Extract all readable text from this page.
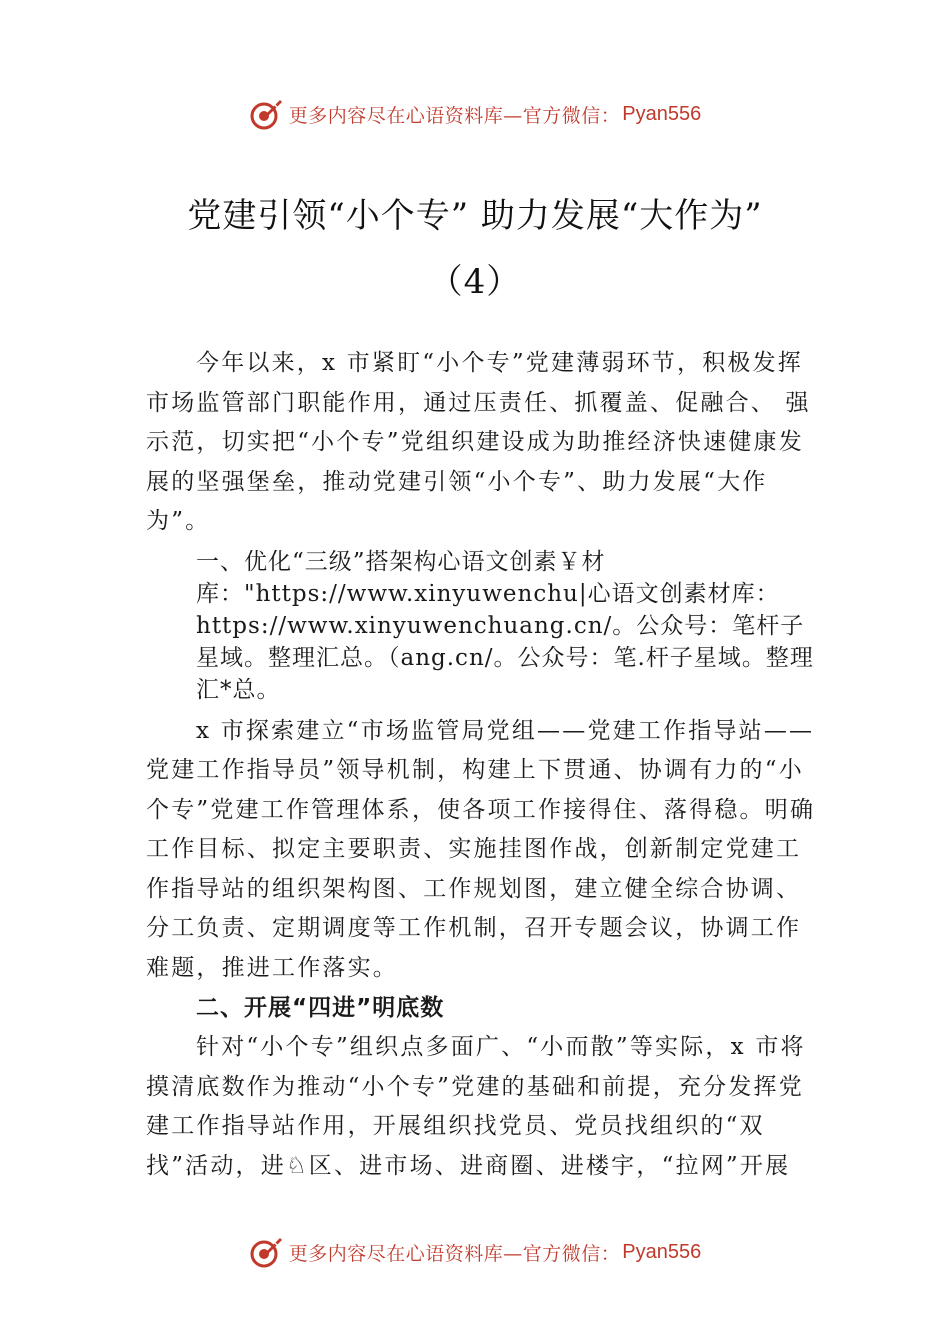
更多内容尽在心语资料库—官方微信： Pyan556
党建引领“小个专” 助力发展“大作为”
（4）

今年以来，x 市紧盯“小个专”党建薄弱环节，积极发挥市场监管部门职能作用，通过压责任、抓覆盖、促融合、 强示范，切实把“小个专”党组织建设成为助推经济快速健康发展的坚强堡垒，推动党建引领“小个专”、助力发展“大作为”。

一、优化“三级”搭架构心语文创素￥材库："https://www.xinyuwenchu|心语文创素材库：https://www.xinyuwenchuang.cn/。公众号：笔杆子星域。整理汇总。（ang.cn/。公众号：笔.杆子星域。整理汇*总。

x 市探索建立“市场监管局党组——党建工作指导站——党建工作指导员”领导机制，构建上下贯通、协调有力的“小个专”党建工作管理体系，使各项工作接得住、落得稳。明确工作目标、拟定主要职责、实施挂图作战，创新制定党建工作指导站的组织架构图、工作规划图，建立健全综合协调、分工负责、定期调度等工作机制，召开专题会议，协调工作难题，推进工作落实。

二、开展“四进”明底数

针对“小个专”组织点多面广、“小而散”等实际，x 市将摸清底数作为推动“小个专”党建的基础和前提，充分发挥党建工作指导站作用，开展组织找党员、党员找组织的“双找”活动，进♘区、进市场、进商圈、进楼宇，“拉网”开展

更多内容尽在心语资料库—官方微信： Pyan556
